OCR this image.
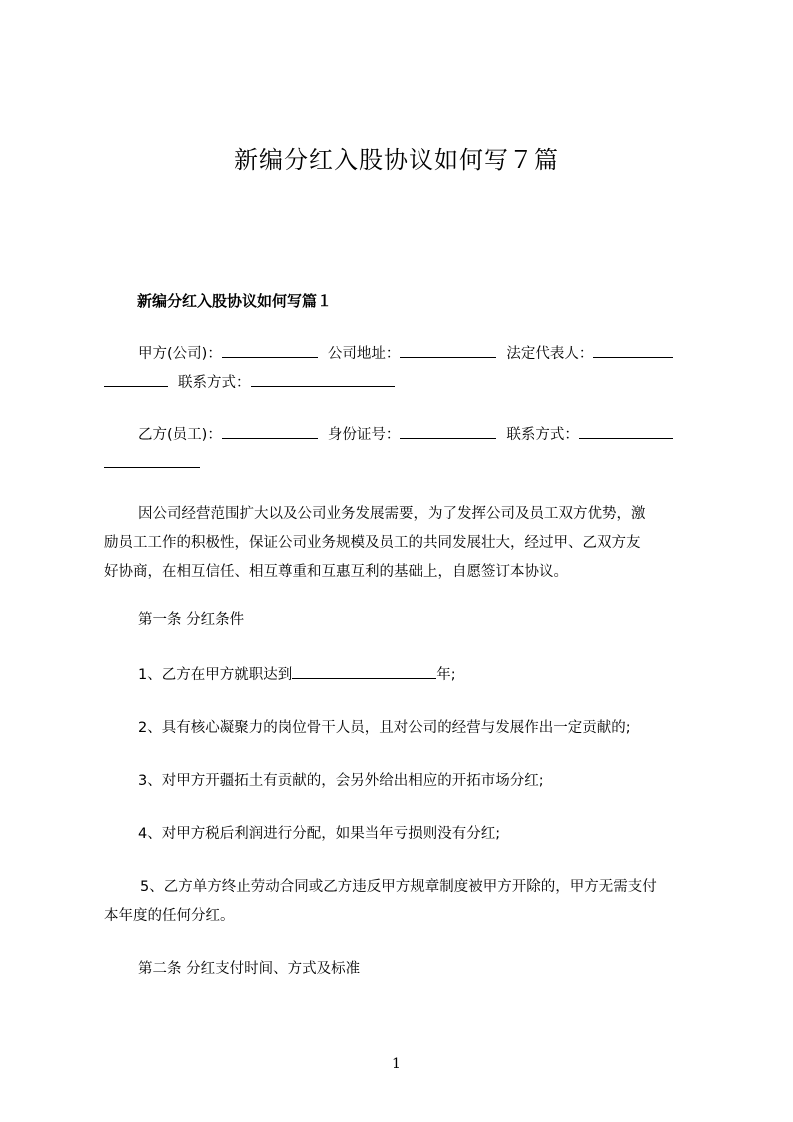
新编分红入股协议如何写７篇
新编分红入股协议如何写篇１
甲方(公司)：	公司地址：	法定代表人：
联系方式：
乙方(员工)：	身份证号：	联系方式：
因公司经营范围扩大以及公司业务发展需要，为了发挥公司及员工双方优势，激
励员工工作的积极性，保证公司业务规模及员工的共同发展壮大，经过甲、乙双方友
好协商，在相互信任、相互尊重和互惠互利的基础上，自愿签订本协议。
第一条 分红条件
1、乙方在甲方就职达到	年;
2、具有核心凝聚力的岗位骨干人员，且对公司的经营与发展作出一定贡献的;
3、对甲方开疆拓土有贡献的，会另外给出相应的开拓市场分红;
4、对甲方税后利润进行分配，如果当年亏损则没有分红;
5、乙方单方终止劳动合同或乙方违反甲方规章制度被甲方开除的，甲方无需支付
本年度的任何分红。
第二条 分红支付时间、方式及标准
1
